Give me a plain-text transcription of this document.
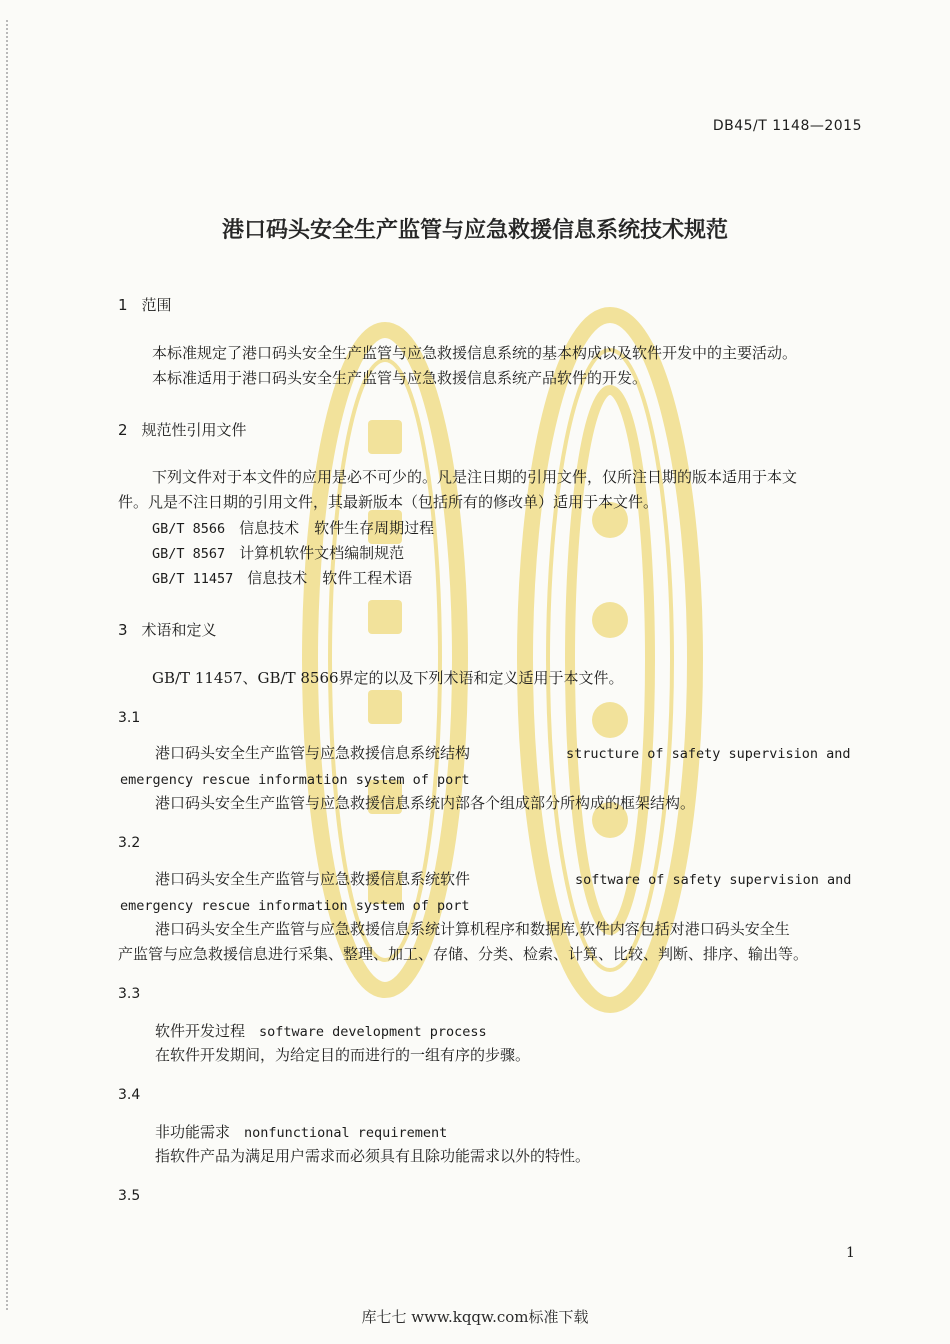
DB45/T 1148—2015
港口码头安全生产监管与应急救援信息系统技术规范
1 范围
本标准规定了港口码头安全生产监管与应急救援信息系统的基本构成以及软件开发中的主要活动。
本标准适用于港口码头安全生产监管与应急救援信息系统产品软件的开发。
2 规范性引用文件
下列文件对于本文件的应用是必不可少的。凡是注日期的引用文件，仅所注日期的版本适用于本文
件。凡是不注日期的引用文件，其最新版本（包括所有的修改单）适用于本文件。
GB/T 8566 信息技术　软件生存周期过程
GB/T 8567 计算机软件文档编制规范
GB/T 11457 信息技术　软件工程术语
3 术语和定义
GB/T 11457、GB/T 8566界定的以及下列术语和定义适用于本文件。
3.1
港口码头安全生产监管与应急救援信息系统结构	structure of safety supervision and
emergency rescue information system of port
港口码头安全生产监管与应急救援信息系统内部各个组成部分所构成的框架结构。
3.2
港口码头安全生产监管与应急救援信息系统软件	software of safety supervision and
emergency rescue information system of port
港口码头安全生产监管与应急救援信息系统计算机程序和数据库,软件内容包括对港口码头安全生
产监管与应急救援信息进行采集、整理、加工、存储、分类、检索、计算、比较、判断、排序、输出等。
3.3
软件开发过程 software development process
在软件开发期间，为给定目的而进行的一组有序的步骤。
3.4
非功能需求 nonfunctional requirement
指软件产品为满足用户需求而必须具有且除功能需求以外的特性。
3.5
1
库七七 www.kqqw.com标准下载
